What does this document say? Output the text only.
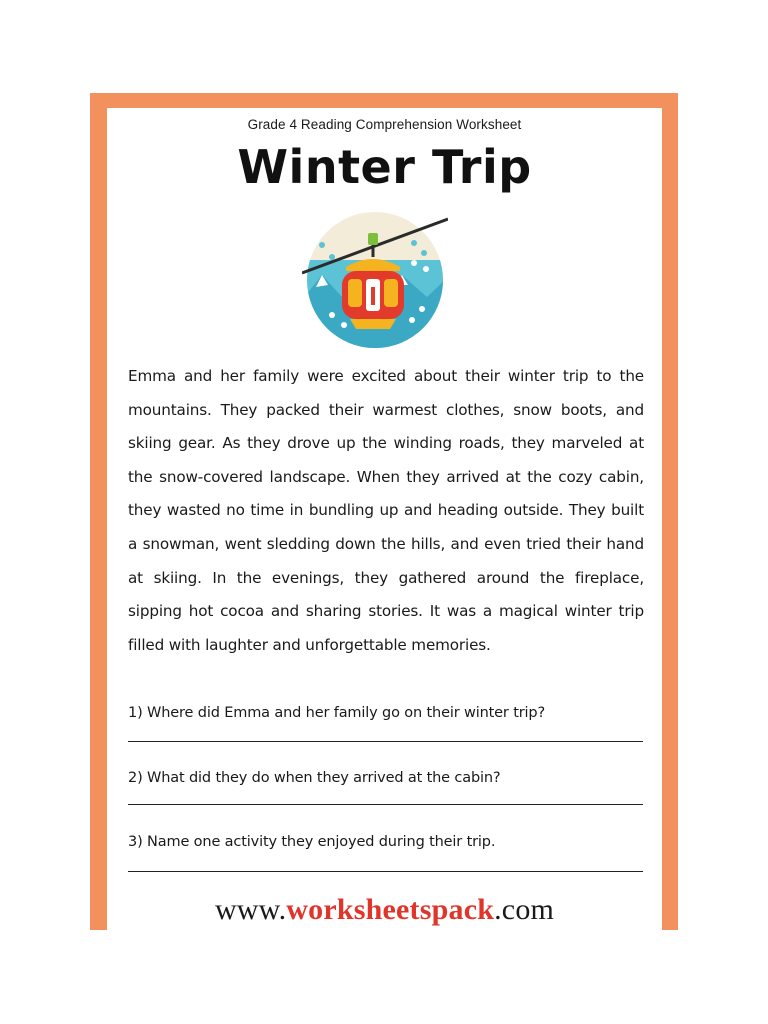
Grade 4 Reading Comprehension Worksheet
Winter Trip

Emma and her family were excited about their winter trip to the mountains. They packed their warmest clothes, snow boots, and skiing gear. As they drove up the winding roads, they marveled at the snow-covered landscape. When they arrived at the cozy cabin, they wasted no time in bundling up and heading outside. They built a snowman, went sledding down the hills, and even tried their hand at skiing. In the evenings, they gathered around the fireplace, sipping hot cocoa and sharing stories. It was a magical winter trip filled with laughter and unforgettable memories.

1) Where did Emma and her family go on their winter trip?
2) What did they do when they arrived at the cabin?
3) Name one activity they enjoyed during their trip.
www.worksheetspack.com
